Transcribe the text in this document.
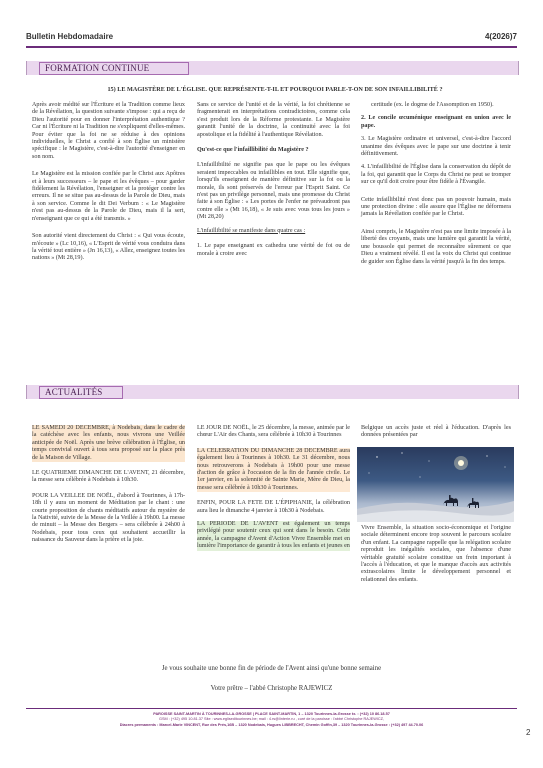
Bulletin Hebdomadaire	4(2026)7
FORMATION CONTINUE
15) LE MAGISTÈRE DE L'ÉGLISE. QUE REPRÉSENTE-T-IL ET POURQUOI PARLE-T-ON DE SON INFAILLIBILITÉ ?

Après avoir médité sur l'Écriture et la Tradition comme lieux de la Révélation, la question suivante s'impose : qui a reçu de Dieu l'autorité pour en donner l'interprétation authentique ? Car ni l'Écriture ni la Tradition ne s'expliquent d'elles-mêmes. Pour éviter que la foi ne se réduise à des opinions individuelles, le Christ a confié à son Église un ministère spécifique : le Magistère, c'est-à-dire l'autorité d'enseigner en son nom.

Le Magistère est la mission confiée par le Christ aux Apôtres et à leurs successeurs – le pape et les évêques – pour garder fidèlement la Révélation, l'enseigner et la protéger contre les erreurs. Il ne se situe pas au-dessus de la Parole de Dieu, mais à son service. Comme le dit Dei Verbum : « Le Magistère n'est pas au-dessus de la Parole de Dieu, mais il la sert, n'enseignant que ce qui a été transmis. »

Son autorité vient directement du Christ : « Qui vous écoute, m'écoute » (Lc 10,16), « L'Esprit de vérité vous conduira dans la vérité tout entière » (Jn 16,13), « Allez, enseignez toutes les nations » (Mt 28,19).

Sans ce service de l'unité et de la vérité, la foi chrétienne se fragmenterait en interprétations contradictoires, comme cela s'est produit lors de la Réforme protestante. Le Magistère garantit l'unité de la doctrine, la continuité avec la foi apostolique et la fidélité à l'authentique Révélation.

Qu'est-ce que l'infaillibilité du Magistère ?

L'infaillibilité ne signifie pas que le pape ou les évêques seraient impeccables ou infaillibles en tout. Elle signifie que, lorsqu'ils enseignent de manière définitive sur la foi ou la morale, ils sont préservés de l'erreur par l'Esprit Saint. Ce n'est pas un privilège personnel, mais une promesse du Christ faite à son Église : « Les portes de l'enfer ne prévaudront pas contre elle » (Mt 16,18), « Je suis avec vous tous les jours » (Mt 28,20)

L'infaillibilité se manifeste dans quatre cas :

1. Le pape enseignant ex cathedra une vérité de foi ou de morale à croire avec

certitude (ex. le dogme de l'Assomption en 1950).

2. Le concile œcuménique enseignant en union avec le pape.

3. Le Magistère ordinaire et universel, c'est-à-dire l'accord unanime des évêques avec le pape sur une doctrine à tenir définitivement.

4. L'infaillibilité de l'Église dans la conservation du dépôt de la foi, qui garantit que le Corps du Christ ne peut se tromper sur ce qu'il doit croire pour être fidèle à l'Évangile.

Cette infaillibilité n'est donc pas un pouvoir humain, mais une protection divine : elle assure que l'Église ne déformera jamais la Révélation confiée par le Christ.

Ainsi compris, le Magistère n'est pas une limite imposée à la liberté des croyants, mais une lumière qui garantit la vérité, une boussole qui permet de reconnaître sûrement ce que Dieu a vraiment révélé. Il est la voix du Christ qui continue de guider son Église dans la vérité jusqu'à la fin des temps.

ACTUALITÉS

LE SAMEDI 20 DECEMBRE, à Nodebais, dans le cadre de la catéchèse avec les enfants, nous vivrons une Veillée anticipée de Noël. Après une brève célébration à l'Église, un temps convivial ouvert à tous sera proposé sur la place près de la Maison de Village.

LE QUATRIEME DIMANCHE DE L'AVENT, 21 décembre, la messe sera célébrée à Nodebais à 10h30.

POUR LA VEILLEE DE NOËL, d'abord à Tourinnes, à 17h-18h il y aura un moment de Méditation par le chant : une courte proposition de chants méditatifs autour du mystère de la Nativité, suivie de la Messe de la Veillée à 19h00. La messe de minuit – la Messe des Bergers – sera célébrée à 24h00 à Nodebais, pour tous ceux qui souhaitent accueillir la naissance du Sauveur dans la prière et la joie.

LE JOUR DE NOËL, le 25 décembre, la messe, animée par le chœur L'Air des Chants, sera célébrée à 10h30 à Tourinnes

LA CELEBRATION DU DIMANCHE 28 DECEMBRE aura également lieu à Tourinnes à 10h30. Le 31 décembre, nous nous retrouverons à Nodebais à 19h00 pour une messe d'action de grâce à l'occasion de la fin de l'année civile. Le 1er janvier, en la solennité de Sainte Marie, Mère de Dieu, la messe sera célébrée à 10h30 à Tourinnes.

ENFIN, POUR LA FETE DE L'ÉPIPHANIE, la célébration aura lieu le dimanche 4 janvier à 10h30 à Nodebais.

LA PERIODE DE L'AVENT est également un temps privilégié pour soutenir ceux qui sont dans le besoin. Cette année, la campagne d'Avent d'Action Vivre Ensemble met en lumière l'importance de garantir à tous les enfants et jeunes en

Belgique un accès juste et réel à l'éducation. D'après les données présentées par

Vivre Ensemble, la situation socio-économique et l'origine sociale déterminent encore trop souvent le parcours scolaire d'un enfant. La campagne rappelle que la relégation scolaire reproduit les inégalités sociales, que l'absence d'une véritable gratuité scolaire constitue un frein important à l'accès à l'éducation, et que le manque d'accès aux activités extrascolaires limite le développement personnel et relationnel des enfants.

Je vous souhaite une bonne fin de période de l'Avent ainsi qu'une bonne semaine
Votre prêtre – l'abbé Christophe RAJEWICZ
PAROISSE SAINT-MARTIN À TOURINNES-LA-GROSSE | PLACE SAINT-MARTIN, 1 – 1320 Tourinnes-la-Grosse tx. : (+32) 10 86.18.57
GSM : (+32) 495 10.81.37 Site : www.egliseditourinnes.be; mail : 4.rs@linterie.ru , curé de la paroisse : l'abbé Christophe RAJEWICZ,
Diacres permanents : Marcel-Marie VINCENT, Rue des Prés,16B – 1320 Nodebais, Hugues LIBBRECHT, Chemin Goffin,39 – 1320 Tourinnes-la-Grosse : (+32) 497 44.70.06
2
